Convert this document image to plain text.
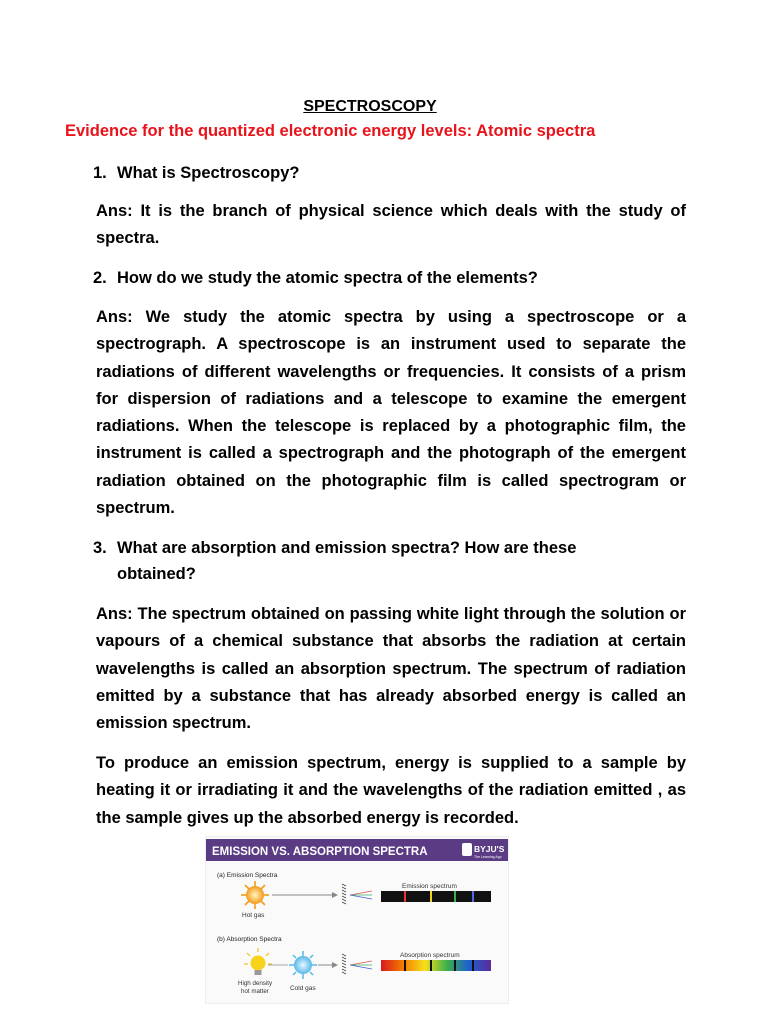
SPECTROSCOPY
Evidence for the quantized electronic energy levels: Atomic spectra
1. What is Spectroscopy?
Ans: It is the branch of physical science which deals with the study of spectra.
2. How do we study the atomic spectra of the elements?
Ans: We study the atomic spectra by using a spectroscope or a spectrograph. A spectroscope is an instrument used to separate the radiations of different wavelengths or frequencies. It consists of a prism for dispersion of radiations and a telescope to examine the emergent radiations. When the telescope is replaced by a photographic film, the instrument is called a spectrograph and the photograph of the emergent radiation obtained on the photographic film is called spectrogram or spectrum.
3. What are absorption and emission spectra? How are these
obtained?
Ans: The spectrum obtained on passing white light through the solution or vapours of a chemical substance that absorbs the radiation at certain wavelengths is called an absorption spectrum. The spectrum of radiation emitted by a substance that has already absorbed energy is called an emission spectrum.
To produce an emission spectrum, energy is supplied to a sample by heating it or irradiating it and the wavelengths of the radiation emitted , as the sample gives up the absorbed energy is recorded.
EMISSION VS. ABSORPTION SPECTRA	BYJU'S
The Learning App
(a) Emission Spectra
Hot gas
Emission spectrum
(b) Absorption Spectra
High density
hot matter	Cold gas
Absorption spectrum
